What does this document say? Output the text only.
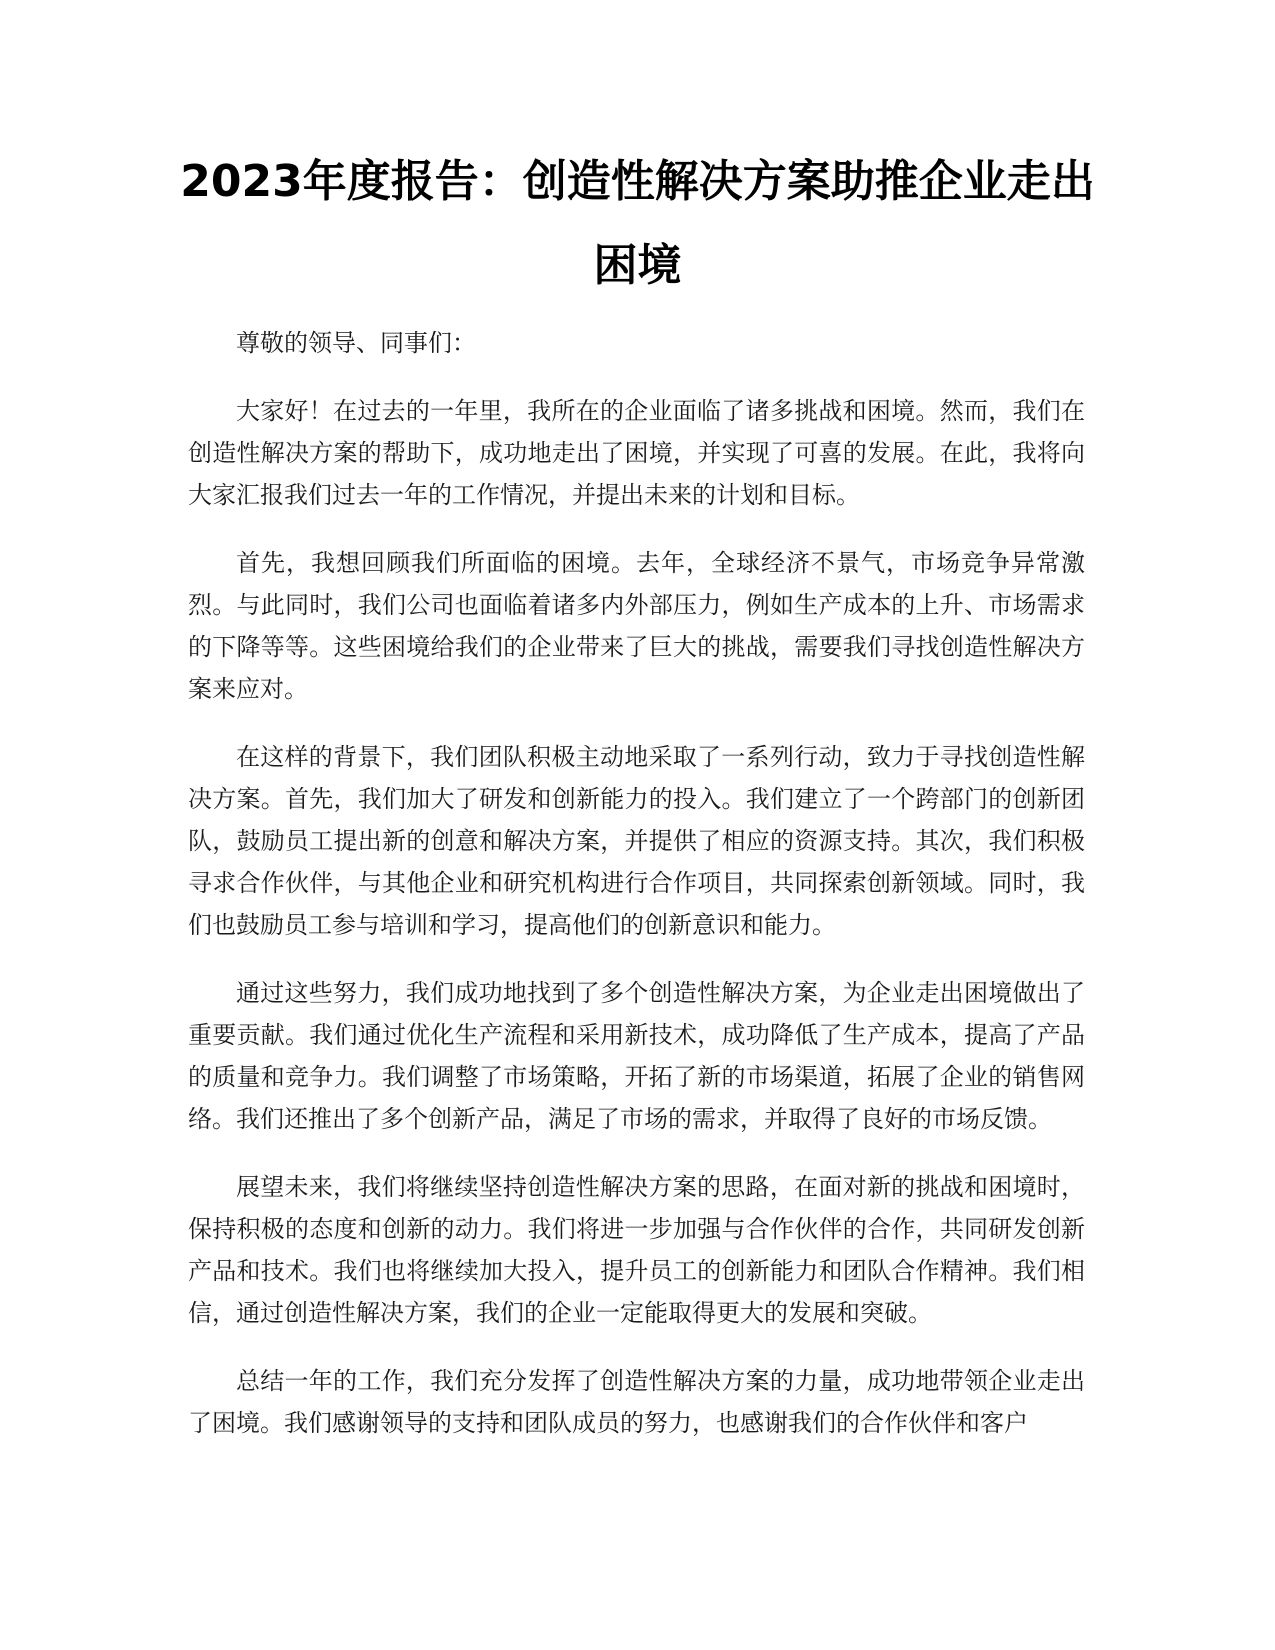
2023年度报告：创造性解决方案助推企业走出困境

尊敬的领导、同事们：

大家好！在过去的一年里，我所在的企业面临了诸多挑战和困境。然而，我们在创造性解决方案的帮助下，成功地走出了困境，并实现了可喜的发展。在此，我将向大家汇报我们过去一年的工作情况，并提出未来的计划和目标。

首先，我想回顾我们所面临的困境。去年，全球经济不景气，市场竞争异常激烈。与此同时，我们公司也面临着诸多内外部压力，例如生产成本的上升、市场需求的下降等等。这些困境给我们的企业带来了巨大的挑战，需要我们寻找创造性解决方案来应对。

在这样的背景下，我们团队积极主动地采取了一系列行动，致力于寻找创造性解决方案。首先，我们加大了研发和创新能力的投入。我们建立了一个跨部门的创新团队，鼓励员工提出新的创意和解决方案，并提供了相应的资源支持。其次，我们积极寻求合作伙伴，与其他企业和研究机构进行合作项目，共同探索创新领域。同时，我们也鼓励员工参与培训和学习，提高他们的创新意识和能力。

通过这些努力，我们成功地找到了多个创造性解决方案，为企业走出困境做出了重要贡献。我们通过优化生产流程和采用新技术，成功降低了生产成本，提高了产品的质量和竞争力。我们调整了市场策略，开拓了新的市场渠道，拓展了企业的销售网络。我们还推出了多个创新产品，满足了市场的需求，并取得了良好的市场反馈。

展望未来，我们将继续坚持创造性解决方案的思路，在面对新的挑战和困境时，保持积极的态度和创新的动力。我们将进一步加强与合作伙伴的合作，共同研发创新产品和技术。我们也将继续加大投入，提升员工的创新能力和团队合作精神。我们相信，通过创造性解决方案，我们的企业一定能取得更大的发展和突破。

总结一年的工作，我们充分发挥了创造性解决方案的力量，成功地带领企业走出了困境。我们感谢领导的支持和团队成员的努力，也感谢我们的合作伙伴和客户
